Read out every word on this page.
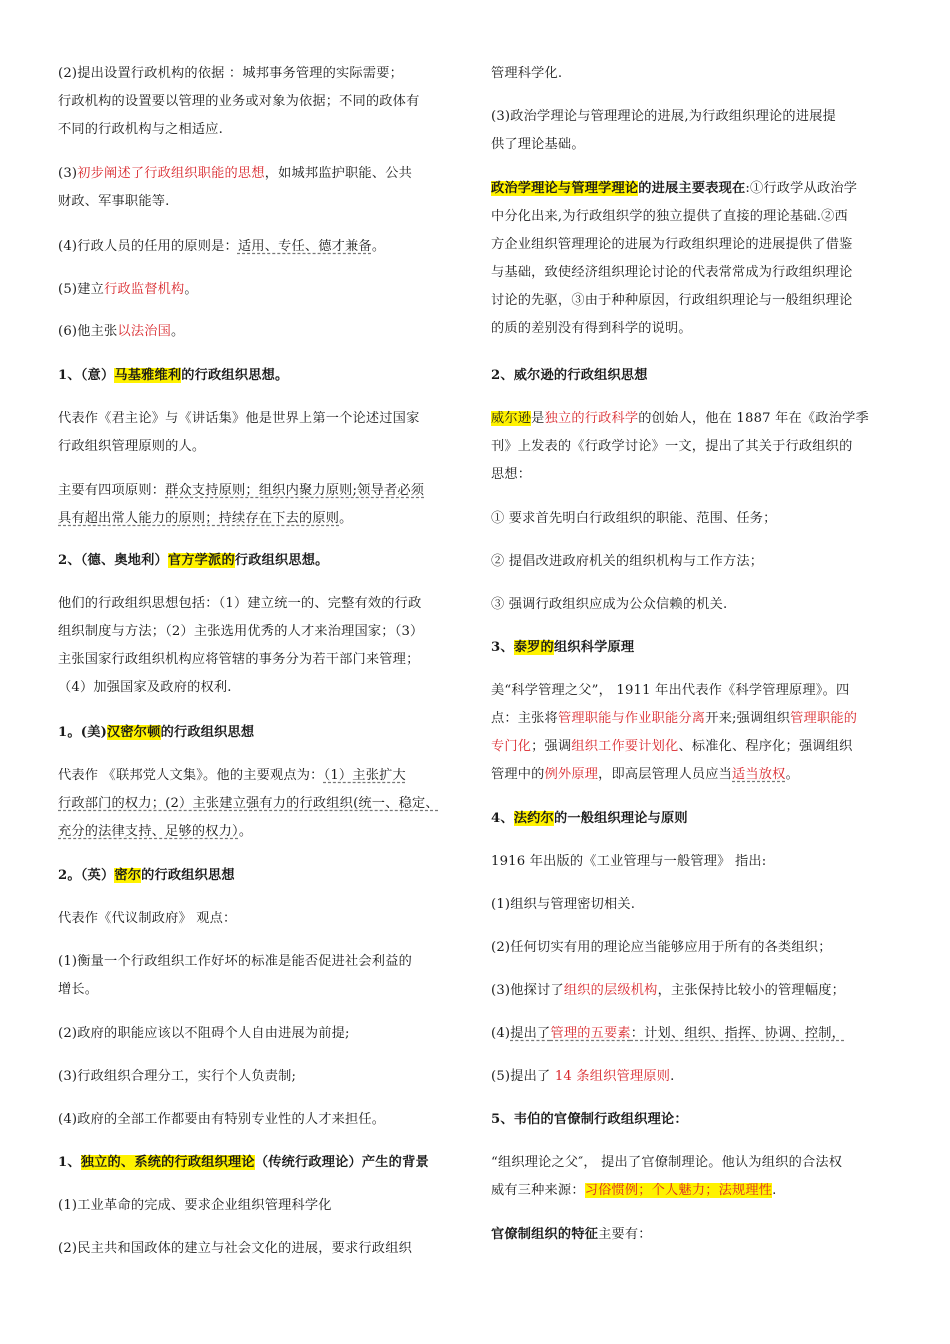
(2)提出设置行政机构的依据 ：城邦事务管理的实际需要；
行政机构的设置要以管理的业务或对象为依据；不同的政体有
不同的行政机构与之相适应.
(3)初步阐述了行政组织职能的思想，如城邦监护职能、公共
财政、军事职能等.
(4)行政人员的任用的原则是：适用、专任、德才兼备。
(5)建立行政监督机构。
(6)他主张以法治国。
1、（意）马基雅维利的行政组织思想。
代表作《君主论》与《讲话集》他是世界上第一个论述过国家
行政组织管理原则的人。
主要有四项原则：群众支持原则；组织内聚力原则;领导者必须
具有超出常人能力的原则；持续存在下去的原则。
2、（德、奥地利）官方学派的行政组织思想。
他们的行政组织思想包括：（1）建立统一的、完整有效的行政
组织制度与方法；（2）主张选用优秀的人才来治理国家；（3）
主张国家行政组织机构应将管辖的事务分为若干部门来管理；
（4）加强国家及政府的权利.
1。(美)汉密尔顿的行政组织思想
代表作 《联邦党人文集》。他的主要观点为：（1）主张扩大
行政部门的权力；(2）主张建立强有力的行政组织(统一、稳定、
充分的法律支持、足够的权力）。
2。（英）密尔的行政组织思想
代表作《代议制政府》 观点：
(1)衡量一个行政组织工作好坏的标准是能否促进社会利益的
增长。
(2)政府的职能应该以不阻碍个人自由进展为前提;
(3)行政组织合理分工，实行个人负责制;
(4)政府的全部工作都要由有特别专业性的人才来担任。
1、独立的、系统的行政组织理论（传统行政理论）产生的背景
(1)工业革命的完成、要求企业组织管理科学化
(2)民主共和国政体的建立与社会文化的进展，要求行政组织
管理科学化.
(3)政治学理论与管理理论的进展,为行政组织理论的进展提
供了理论基础。
政治学理论与管理学理论的进展主要表现在:①行政学从政治学
中分化出来,为行政组织学的独立提供了直接的理论基础.②西
方企业组织管理理论的进展为行政组织理论的进展提供了借鉴
与基础，致使经济组织理论讨论的代表常常成为行政组织理论
讨论的先驱，③由于种种原因，行政组织理论与一般组织理论
的质的差别没有得到科学的说明。
2、威尔逊的行政组织思想
威尔逊是独立的行政科学的创始人，他在 1887 年在《政治学季
刊》上发表的《行政学讨论》一文，提出了其关于行政组织的
思想：
① 要求首先明白行政组织的职能、范围、任务；
② 提倡改进政府机关的组织机构与工作方法；
③ 强调行政组织应成为公众信赖的机关.
3、泰罗的组织科学原理
美“科学管理之父”， 1911 年出代表作《科学管理原理》。四
点：主张将管理职能与作业职能分离开来;强调组织管理职能的
专门化；强调组织工作要计划化、标准化、程序化；强调组织
管理中的例外原理，即高层管理人员应当适当放权。
4、法约尔的一般组织理论与原则
1916 年出版的《工业管理与一般管理》 指出:
(1)组织与管理密切相关.
(2)任何切实有用的理论应当能够应用于所有的各类组织；
(3)他探讨了组织的层级机构，主张保持比较小的管理幅度；
(4)提出了管理的五要素：计划、组织、指挥、协调、控制，
(5)提出了 14 条组织管理原则.
5、韦伯的官僚制行政组织理论：
“组织理论之父″， 提出了官僚制理论。他认为组织的合法权
威有三种来源：习俗惯例；个人魅力；法规理性.
官僚制组织的特征主要有：
